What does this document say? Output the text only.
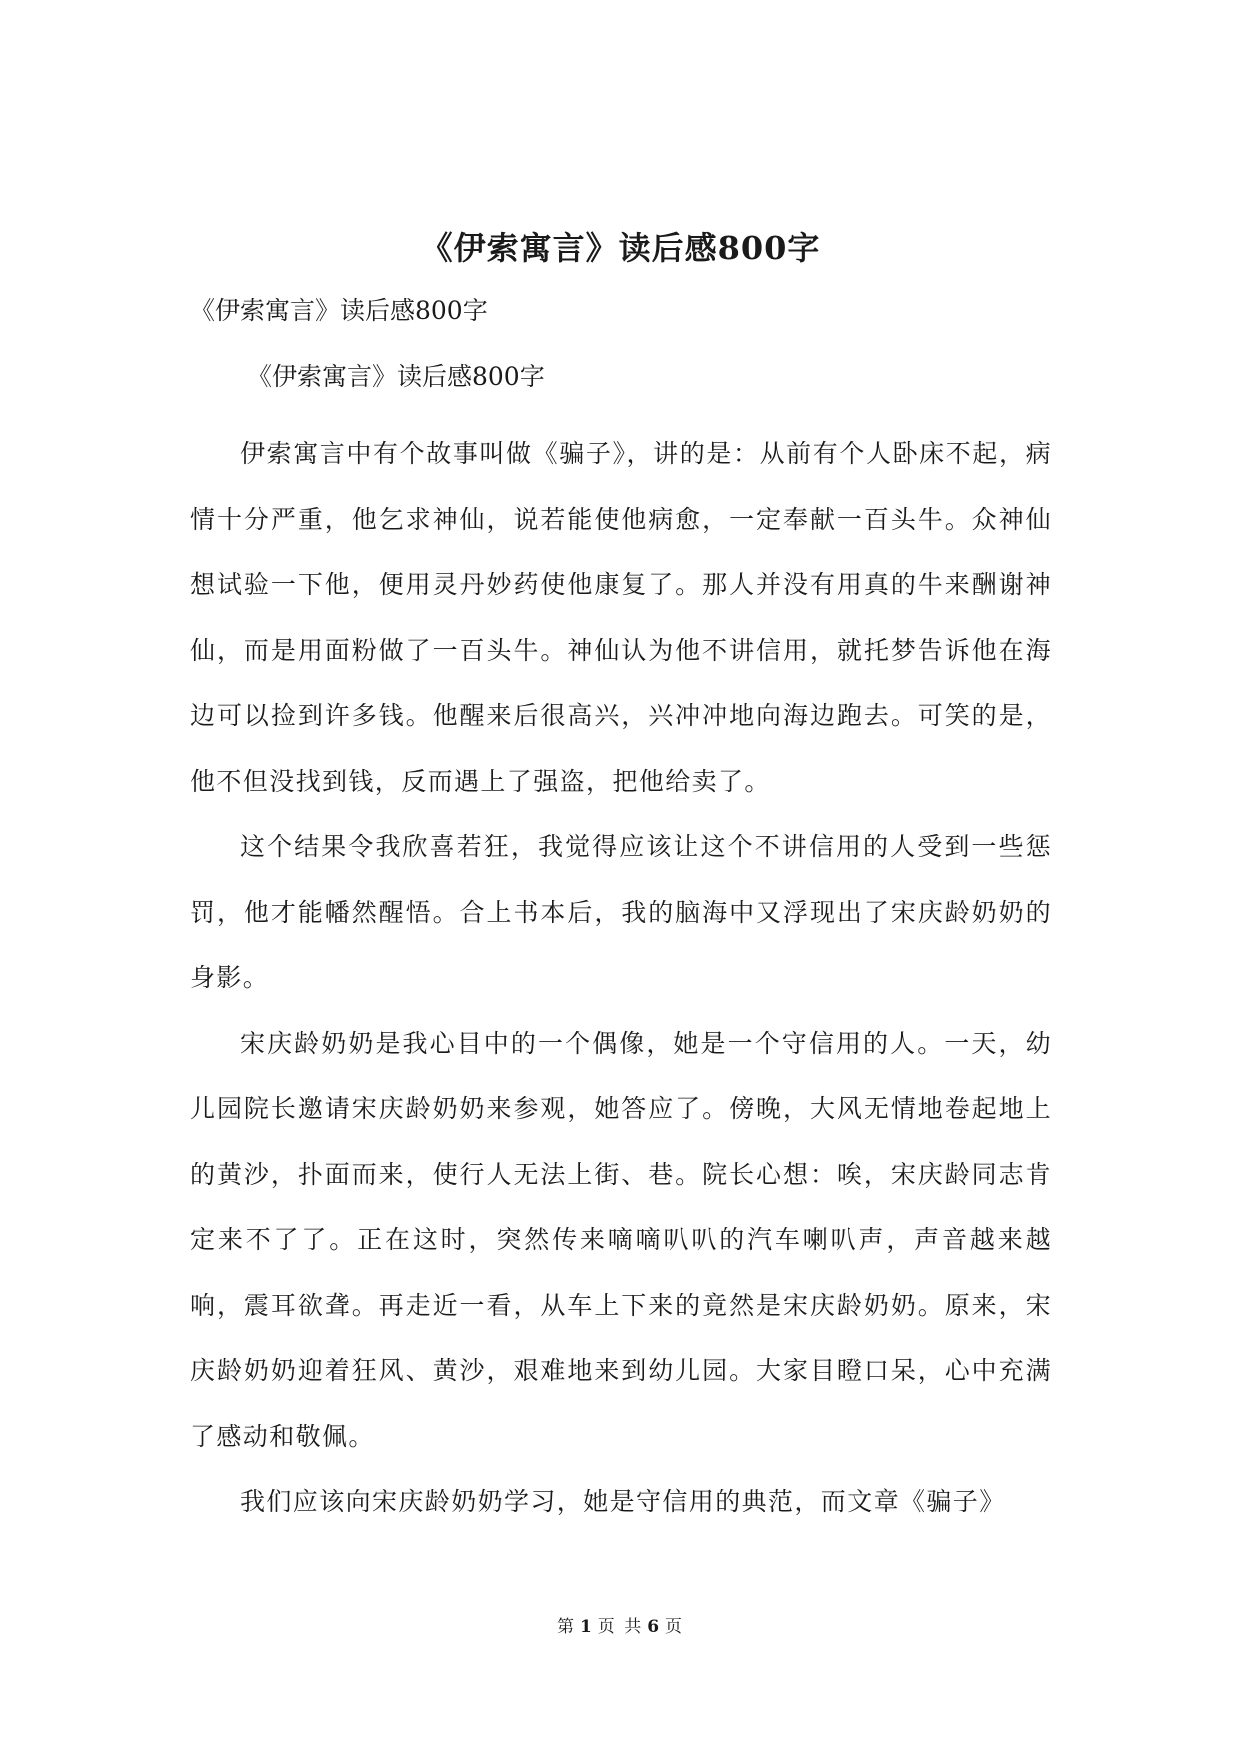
《伊索寓言》读后感800字
《伊索寓言》读后感800字
《伊索寓言》读后感800字

伊索寓言中有个故事叫做《骗子》，讲的是：从前有个人卧床不起，病情十分严重，他乞求神仙，说若能使他病愈，一定奉献一百头牛。众神仙想试验一下他，便用灵丹妙药使他康复了。那人并没有用真的牛来酬谢神仙，而是用面粉做了一百头牛。神仙认为他不讲信用，就托梦告诉他在海边可以捡到许多钱。他醒来后很高兴，兴冲冲地向海边跑去。可笑的是，他不但没找到钱，反而遇上了强盗，把他给卖了。

这个结果令我欣喜若狂，我觉得应该让这个不讲信用的人受到一些惩罚，他才能幡然醒悟。合上书本后，我的脑海中又浮现出了宋庆龄奶奶的身影。

宋庆龄奶奶是我心目中的一个偶像，她是一个守信用的人。一天，幼儿园院长邀请宋庆龄奶奶来参观，她答应了。傍晚，大风无情地卷起地上的黄沙，扑面而来，使行人无法上街、巷。院长心想：唉，宋庆龄同志肯定来不了了。正在这时，突然传来嘀嘀叭叭的汽车喇叭声，声音越来越响，震耳欲聋。再走近一看，从车上下来的竟然是宋庆龄奶奶。原来，宋庆龄奶奶迎着狂风、黄沙，艰难地来到幼儿园。大家目瞪口呆，心中充满了感动和敬佩。

我们应该向宋庆龄奶奶学习，她是守信用的典范，而文章《骗子》

第 1 页 共 6 页
